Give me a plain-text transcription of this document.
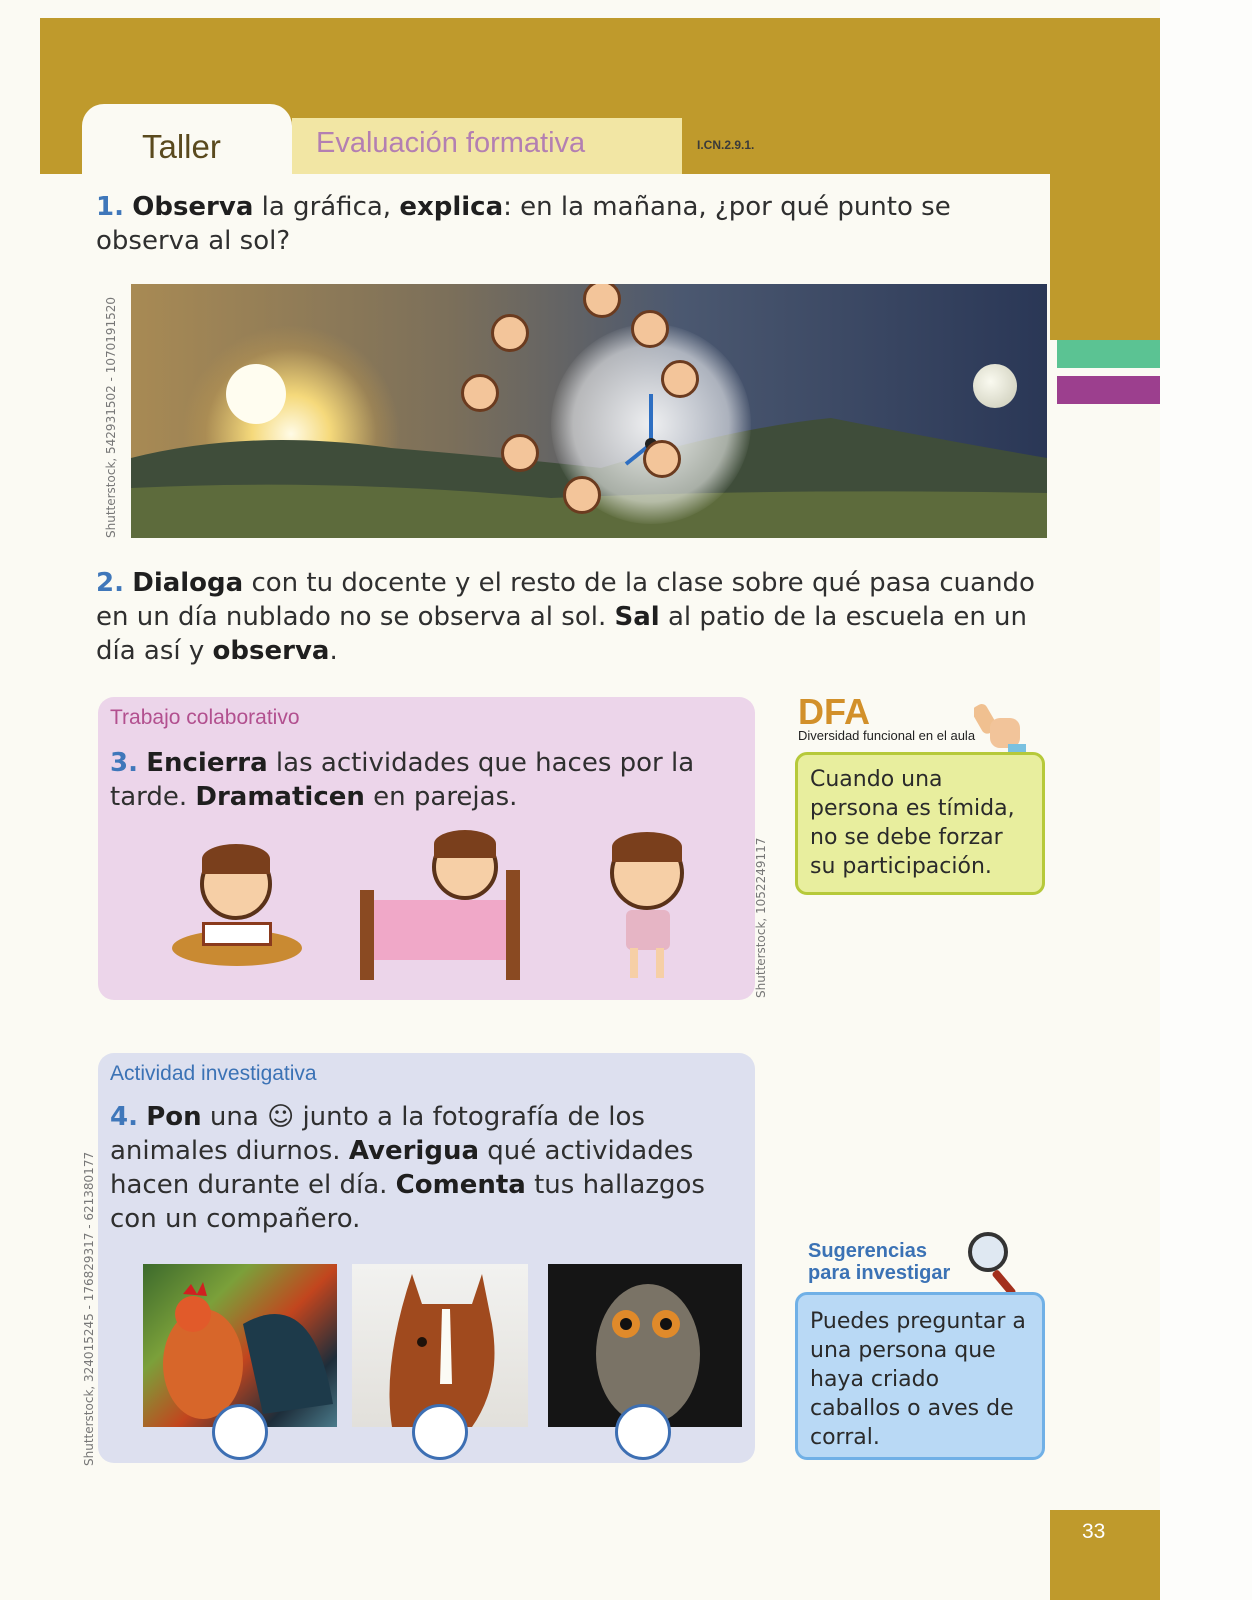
Taller	Evaluación formativa	I.CN.2.9.1.
1. Observa la gráfica, explica: en la mañana, ¿por qué punto se observa al sol?
Shutterstock, 542931502 - 1070191520
2. Dialoga con tu docente y el resto de la clase sobre qué pasa cuando en un día nublado no se observa al sol. Sal al patio de la escuela en un día así y observa.
Trabajo colaborativo
3. Encierra las actividades que haces por la tarde. Dramaticen en parejas.
Shutterstock, 1052249117
DFA
Diversidad funcional en el aula
Cuando una persona es tímida, no se debe forzar su participación.
Actividad investigativa
4. Pon una ☺ junto a la fotografía de los animales diurnos. Averigua qué actividades hacen durante el día. Comenta tus hallazgos con un compañero.
Shutterstock, 324015245 - 176829317 - 621380177	Sugerencias
para investigar
Puedes preguntar a una persona que haya criado caballos o aves de corral.
33
